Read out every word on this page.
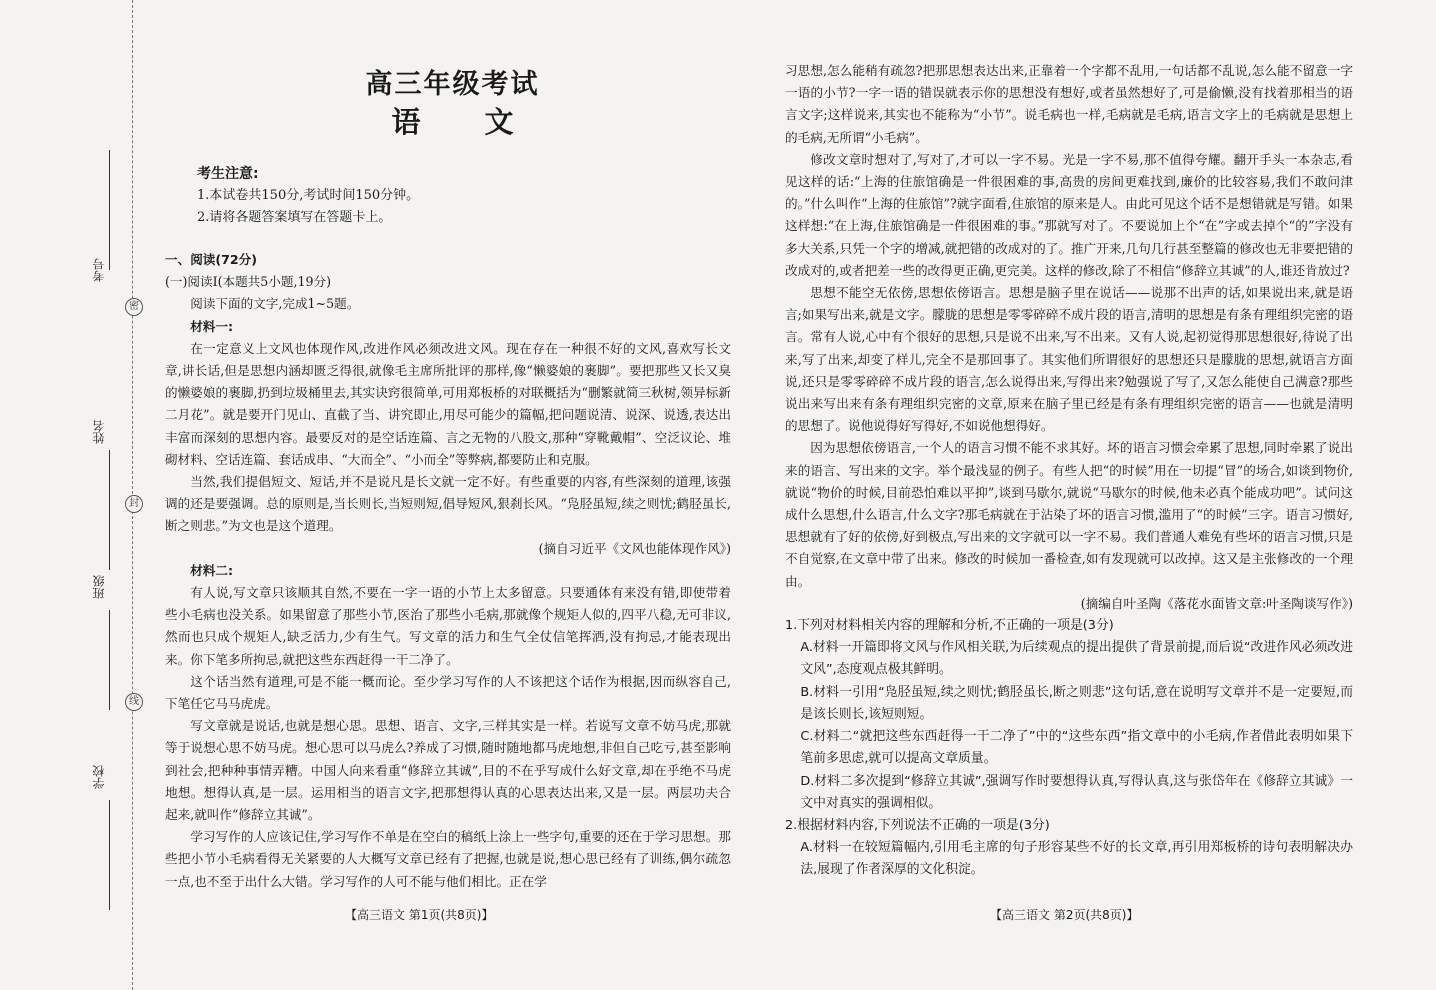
密
封
线
考号
姓名
班级
学校
高三年级考试
语 文
考生注意:
1.本试卷共150分,考试时间150分钟。
2.请将各题答案填写在答题卡上。

一、阅读(72分)

(一)阅读Ⅰ(本题共5小题,19分)

阅读下面的文字,完成1~5题。

材料一:

在一定意义上文风也体现作风,改进作风必须改进文风。现在存在一种很不好的文风,喜欢写长文章,讲长话,但是思想内涵却匮乏得很,就像毛主席所批评的那样,像“懒婆娘的裹脚”。要把那些又长又臭的懒婆娘的裹脚,扔到垃圾桶里去,其实诀窍很简单,可用郑板桥的对联概括为“删繁就简三秋树,领异标新二月花”。就是要开门见山、直截了当、讲究即止,用尽可能少的篇幅,把问题说清、说深、说透,表达出丰富而深刻的思想内容。最要反对的是空话连篇、言之无物的八股文,那种“穿靴戴帽”、空泛议论、堆砌材料、空话连篇、套话成串、“大而全”、“小而全”等弊病,都要防止和克服。

当然,我们提倡短文、短话,并不是说凡是长文就一定不好。有些重要的内容,有些深刻的道理,该强调的还是要强调。总的原则是,当长则长,当短则短,倡导短风,狠刹长风。“凫胫虽短,续之则忧;鹤胫虽长,断之则悲。”为文也是这个道理。

(摘自习近平《文风也能体现作风》)

材料二:

有人说,写文章只该顺其自然,不要在一字一语的小节上太多留意。只要通体有来没有错,即使带着些小毛病也没关系。如果留意了那些小节,医治了那些小毛病,那就像个规矩人似的,四平八稳,无可非议,然而也只成个规矩人,缺乏活力,少有生气。写文章的活力和生气全仗信笔挥洒,没有拘忌,才能表现出来。你下笔多所拘忌,就把这些东西赶得一干二净了。

这个话当然有道理,可是不能一概而论。至少学习写作的人不该把这个话作为根据,因而纵容自己,下笔任它马马虎虎。

写文章就是说话,也就是想心思。思想、语言、文字,三样其实是一样。若说写文章不妨马虎,那就等于说想心思不妨马虎。想心思可以马虎么?养成了习惯,随时随地都马虎地想,非但自己吃亏,甚至影响到社会,把种种事情弄糟。中国人向来看重“修辞立其诚”,目的不在乎写成什么好文章,却在乎绝不马虎地想。想得认真,是一层。运用相当的语言文字,把那想得认真的心思表达出来,又是一层。两层功夫合起来,就叫作“修辞立其诚”。

学习写作的人应该记住,学习写作不单是在空白的稿纸上涂上一些字句,重要的还在于学习思想。那些把小节小毛病看得无关紧要的人大概写文章已经有了把握,也就是说,想心思已经有了训练,偶尔疏忽一点,也不至于出什么大错。学习写作的人可不能与他们相比。正在学

【高三语文 第1页(共8页)】

习思想,怎么能稍有疏忽?把那思想表达出来,正靠着一个字都不乱用,一句话都不乱说,怎么能不留意一字一语的小节?一字一语的错误就表示你的思想没有想好,或者虽然想好了,可是偷懒,没有找着那相当的语言文字;这样说来,其实也不能称为“小节”。说毛病也一样,毛病就是毛病,语言文字上的毛病就是思想上的毛病,无所谓“小毛病”。

修改文章时想对了,写对了,才可以一字不易。光是一字不易,那不值得夸耀。翻开手头一本杂志,看见这样的话:“上海的住旅馆确是一件很困难的事,高贵的房间更难找到,廉价的比较容易,我们不敢问津的。”什么叫作“上海的住旅馆”?就字面看,住旅馆的原来是人。由此可见这个话不是想错就是写错。如果这样想:“在上海,住旅馆确是一件很困难的事。”那就写对了。不要说加上个“在”字或去掉个“的”字没有多大关系,只凭一个字的增减,就把错的改成对的了。推广开来,几句几行甚至整篇的修改也无非要把错的改成对的,或者把差一些的改得更正确,更完美。这样的修改,除了不相信“修辞立其诚”的人,谁还肯放过?

思想不能空无依傍,思想依傍语言。思想是脑子里在说话——说那不出声的话,如果说出来,就是语言;如果写出来,就是文字。朦胧的思想是零零碎碎不成片段的语言,清明的思想是有条有理组织完密的语言。常有人说,心中有个很好的思想,只是说不出来,写不出来。又有人说,起初觉得那思想很好,待说了出来,写了出来,却变了样儿,完全不是那回事了。其实他们所谓很好的思想还只是朦胧的思想,就语言方面说,还只是零零碎碎不成片段的语言,怎么说得出来,写得出来?勉强说了写了,又怎么能使自己满意?那些说出来写出来有条有理组织完密的文章,原来在脑子里已经是有条有理组织完密的语言——也就是清明的思想了。说他说得好写得好,不如说他想得好。

因为思想依傍语言,一个人的语言习惯不能不求其好。坏的语言习惯会牵累了思想,同时牵累了说出来的语言、写出来的文字。举个最浅显的例子。有些人把“的时候”用在一切提“冒”的场合,如谈到物价,就说“物价的时候,目前恐怕难以平抑”,谈到马歇尔,就说“马歇尔的时候,他未必真个能成功吧”。试问这成什么思想,什么语言,什么文字?那毛病就在于沾染了坏的语言习惯,滥用了“的时候”三字。语言习惯好,思想就有了好的依傍,好到极点,写出来的文字就可以一字不易。我们普通人难免有些坏的语言习惯,只是不自觉察,在文章中带了出来。修改的时候加一番检查,如有发现就可以改掉。这又是主张修改的一个理由。

(摘编自叶圣陶《落花水面皆文章:叶圣陶谈写作》)

1.下列对材料相关内容的理解和分析,不正确的一项是(3分)

A.材料一开篇即将文风与作风相关联,为后续观点的提出提供了背景前提,而后说“改进作风必须改进文风”,态度观点极其鲜明。

B.材料一引用“凫胫虽短,续之则忧;鹤胫虽长,断之则悲”这句话,意在说明写文章并不是一定要短,而是该长则长,该短则短。

C.材料二“就把这些东西赶得一干二净了”中的“这些东西”指文章中的小毛病,作者借此表明如果下笔前多思虑,就可以提高文章质量。

D.材料二多次提到“修辞立其诚”,强调写作时要想得认真,写得认真,这与张岱年在《修辞立其诚》一文中对真实的强调相似。

2.根据材料内容,下列说法不正确的一项是(3分)

A.材料一在较短篇幅内,引用毛主席的句子形容某些不好的长文章,再引用郑板桥的诗句表明解决办法,展现了作者深厚的文化积淀。

【高三语文 第2页(共8页)】
